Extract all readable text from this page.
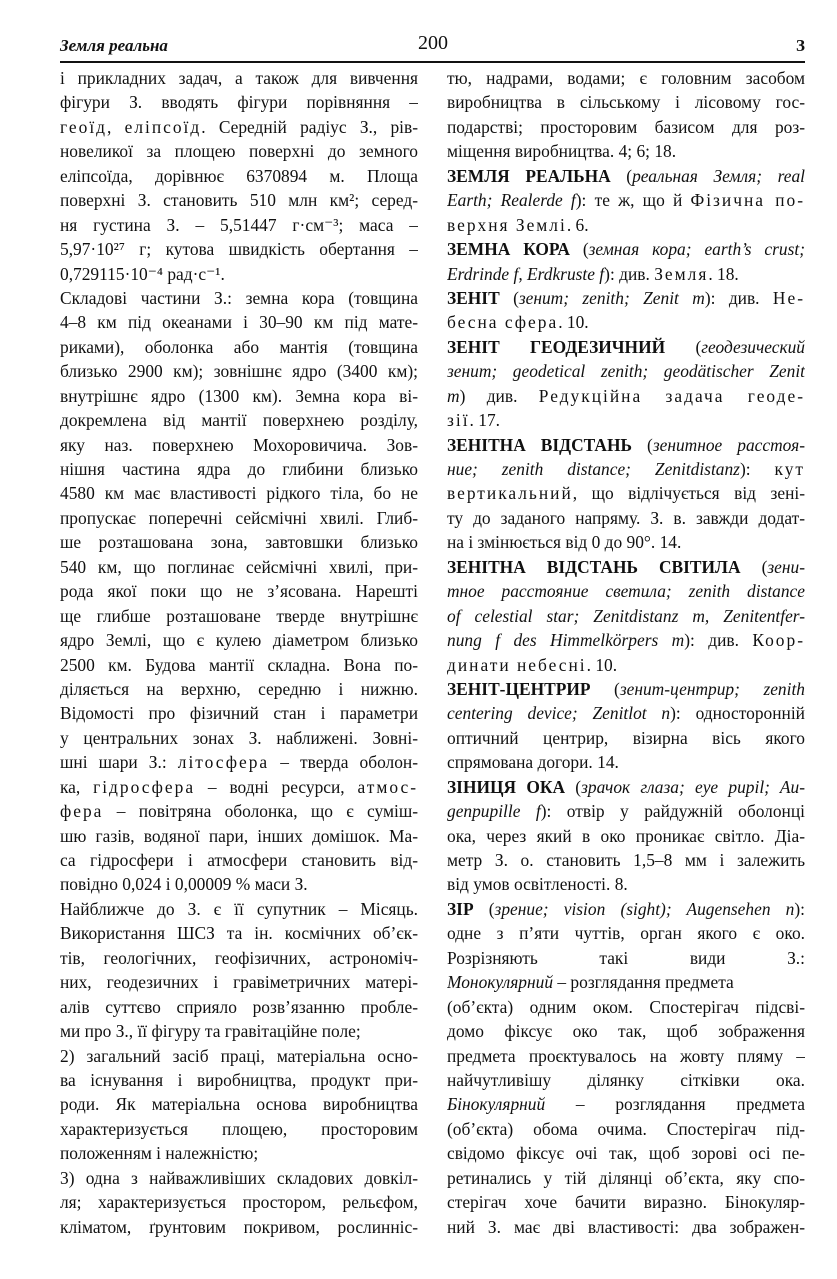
Земля реальна	200	З
і прикладних задач, а також для вивчення
фігури З. вводять фігури порівняння –
геоїд, еліпсоїд. Середній радіус З., рів-
новеликої за площею поверхні до земного
еліпсоїда, дорівнює 6370894 м. Площа
поверхні З. становить 510 млн км²; серед-
ня густина З. – 5,51447 г·см⁻³; маса –
5,97·10²⁷ г; кутова швидкість обертання –
0,729115·10⁻⁴ рад·с⁻¹.
Складові частини З.: земна кора (товщина
4–8 км під океанами і 30–90 км під мате-
риками), оболонка або мантія (товщина
близько 2900 км); зовнішнє ядро (3400 км);
внутрішнє ядро (1300 км). Земна кора ві-
докремлена від мантії поверхнею розділу,
яку наз. поверхнею Мохоровичича. Зов-
нішня частина ядра до глибини близько
4580 км має властивості рідкого тіла, бо не
пропускає поперечні сейсмічні хвилі. Глиб-
ше розташована зона, завтовшки близько
540 км, що поглинає сейсмічні хвилі, при-
рода якої поки що не з’ясована. Нарешті
ще глибше розташоване тверде внутрішнє
ядро Землі, що є кулею діаметром близько
2500 км. Будова мантії складна. Вона по-
діляється на верхню, середню і нижню.
Відомості про фізичний стан і параметри
у центральних зонах З. наближені. Зовні-
шні шари З.: літосфера – тверда оболон-
ка, гідросфера – водні ресурси, атмос-
фера – повітряна оболонка, що є суміш-
шю газів, водяної пари, інших домішок. Ма-
са гідросфери і атмосфери становить від-
повідно 0,024 і 0,00009 % маси З.
Найближче до З. є її супутник – Місяць.
Використання ШСЗ та ін. космічних об’єк-
тів, геологічних, геофізичних, астрономіч-
них, геодезичних і гравіметричних матері-
алів суттєво сприяло розв’язанню пробле-
ми про З., її фігуру та гравітаційне поле;
2) загальний засіб праці, матеріальна осно-
ва існування і виробництва, продукт при-
роди. Як матеріальна основа виробництва
характеризується площею, просторовим
положенням і належністю;
3) одна з найважливіших складових довкіл-
ля; характеризується простором, рельєфом,
кліматом, ґрунтовим покривом, рослинніс-
тю, надрами, водами; є головним засобом
виробництва в сільському і лісовому гос-
подарстві; просторовим базисом для роз-
міщення виробництва. 4; 6; 18.
ЗЕМЛЯ РЕАЛЬНА (реальная Земля; real
Earth; Realerde f): те ж, що й Фізична по-
верхня Землі. 6.
ЗЕМНА КОРА (земная кора; earth’s crust;
Erdrinde f, Erdkruste f): див. Земля. 18.
ЗЕНІТ (зенит; zenith; Zenit m): див. Не-
бесна сфера. 10.
ЗЕНІТ ГЕОДЕЗИЧНИЙ (геодезический
зенит; geodetical zenith; geodätischer Zenit
m) див. Редукційна задача геоде-
зії. 17.
ЗЕНІТНА ВІДСТАНЬ (зенитное расстоя-
ние; zenith distance; Zenitdistanz): кут
вертикальний, що відлічується від зені-
ту до заданого напряму. З. в. завжди додат-
на і змінюється від 0 до 90°. 14.
ЗЕНІТНА ВІДСТАНЬ СВІТИЛА (зени-
тное расстояние светила; zenith distance
of celestial star; Zenitdistanz m, Zenitentfer-
nung f des Himmelkörpers m): див. Коор-
динати небесні. 10.
ЗЕНІТ-ЦЕНТРИР (зенит-центрир; zenith
centering device; Zenitlot n): односторонній
оптичний центрир, візирна вісь якого
спрямована догори. 14.
ЗІНИЦЯ ОКА (зрачок глаза; eye pupil; Au-
genpupille f): отвір у райдужній оболонці
ока, через який в око проникає світло. Діа-
метр З. о. становить 1,5–8 мм і залежить
від умов освітленості. 8.
ЗІР (зрение; vision (sight); Augensehen n):
одне з п’яти чуттів, орган якого є око.
Розрізняють такі види З.:
Монокулярний – розглядання предмета
(об’єкта) одним оком. Спостерігач підсві-
домо фіксує око так, щоб зображення
предмета проєктувалось на жовту пляму –
найчутливішу ділянку сітківки ока.
Бінокулярний – розглядання предмета
(об’єкта) обома очима. Спостерігач під-
свідомо фіксує очі так, щоб зорові осі пе-
ретинались у тій ділянці об’єкта, яку спо-
стерігач хоче бачити виразно. Бінокуляр-
ний З. має дві властивості: два зображен-
